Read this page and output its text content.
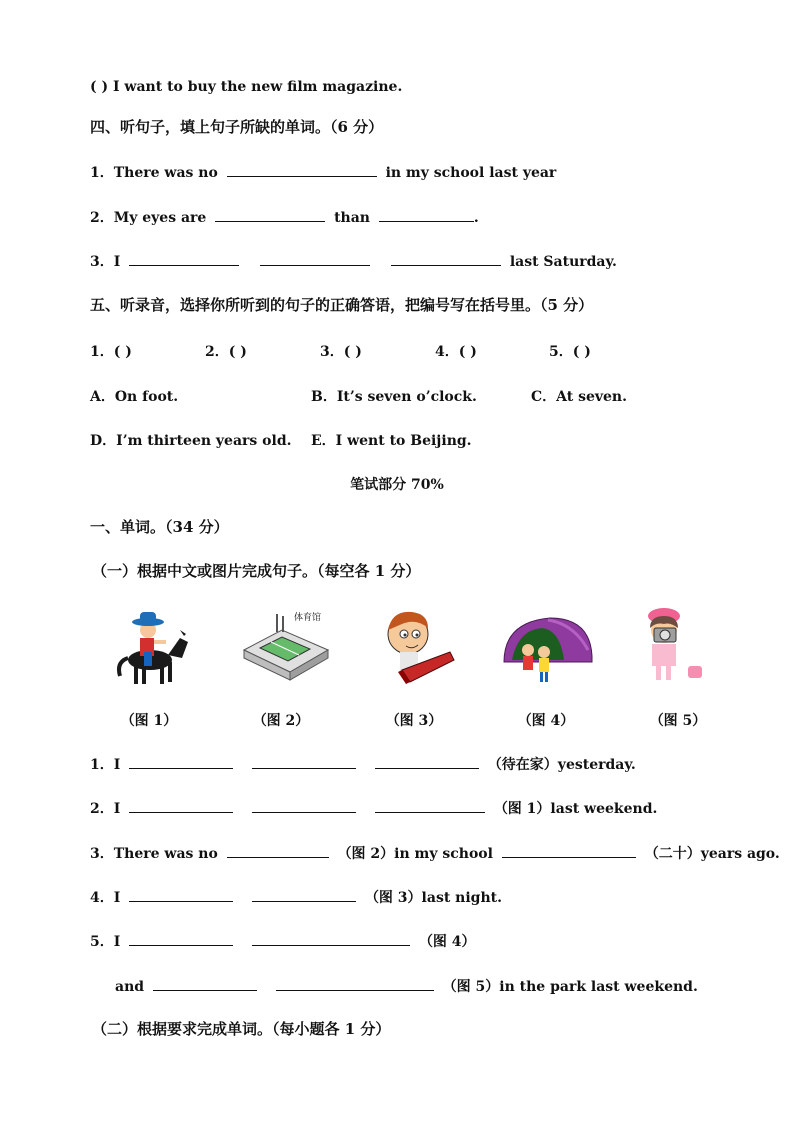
( ) I want to buy the new film magazine.
四、听句子，填上句子所缺的单词。（6 分）
1．There was no	in my school last year
2．My eyes are	than	.
3．I	last Saturday.
五、听录音，选择你所听到的句子的正确答语，把编号写在括号里。（5 分）
1．( )	2．( )	3．( )	4．( )	5．( )
A．On foot.	B．It’s seven o’clock.	C．At seven.
D．I’m thirteen years old. E．I went to Beijing.
笔试部分 70%
一、单词。（34 分）
（一）根据中文或图片完成句子。（每空各 1 分）
体育馆
（图 1）	（图 2）	（图 3）	（图 4）	（图 5）
1．I	（待在家）yesterday.
2．I	（图 1）last weekend.
3．There was no	（图 2）in my school	（二十）years ago.
4．I	（图 3）last night.
5．I	（图 4）
and	（图 5）in the park last weekend.
（二）根据要求完成单词。（每小题各 1 分）
